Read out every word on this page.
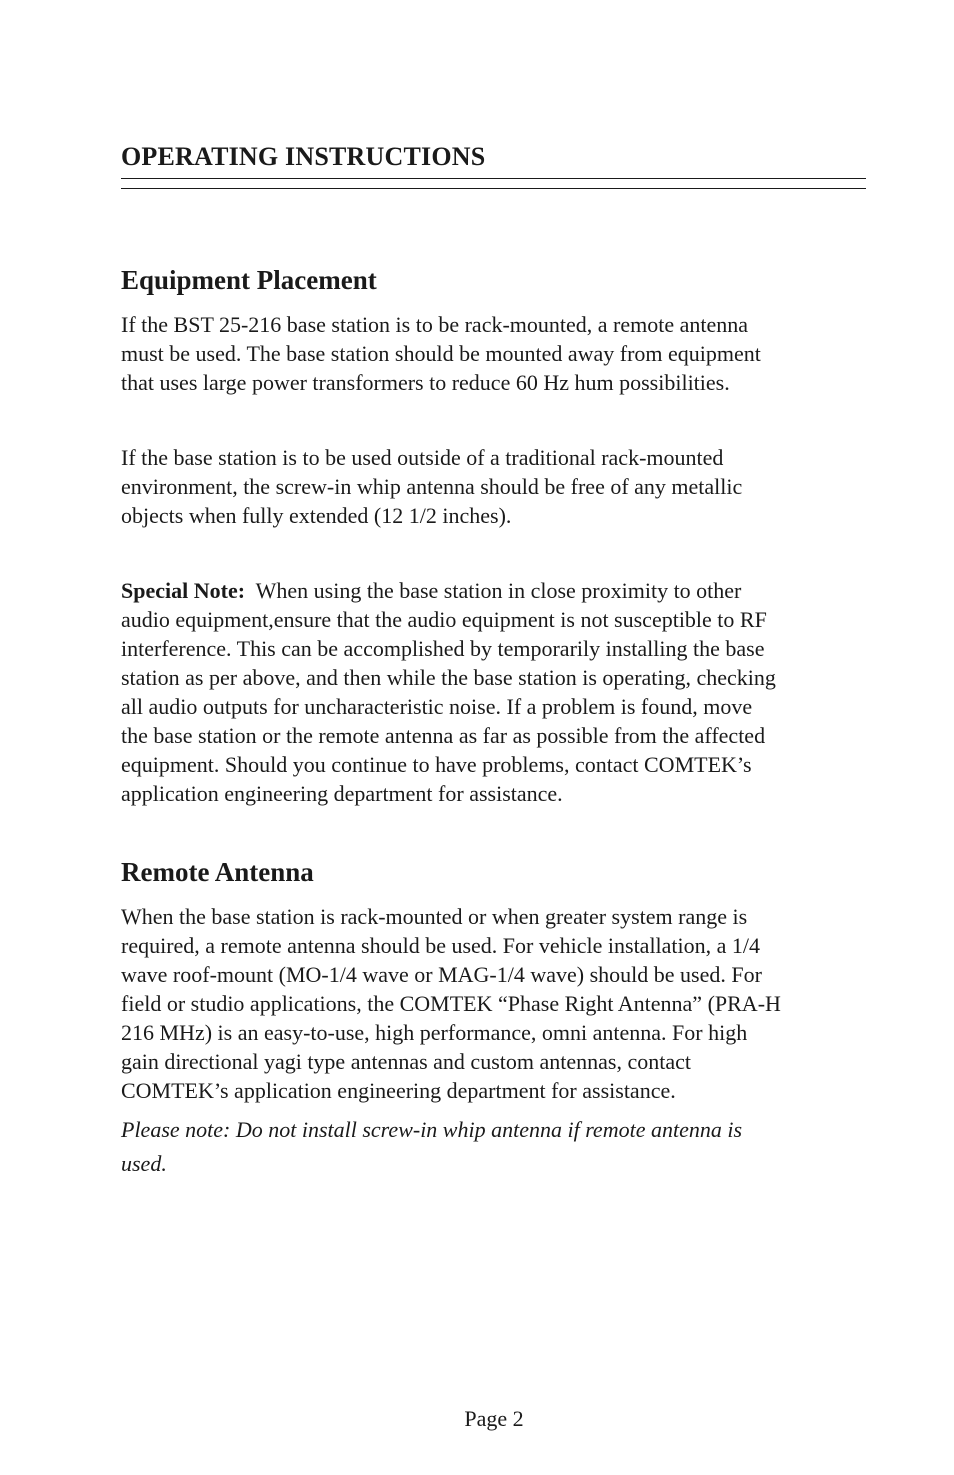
OPERATING INSTRUCTIONS
Equipment Placement

If the BST 25-216 base station is to be rack-mounted, a remote antenna must be used. The base station should be mounted away from equipment that uses large power transformers to reduce 60 Hz hum possibilities.

If the base station is to be used outside of a traditional rack-mounted environment, the screw-in whip antenna should be free of any metallic objects when fully extended (12 1/2 inches).

Special Note: When using the base station in close proximity to other audio equipment,ensure that the audio equipment is not susceptible to RF interference. This can be accomplished by temporarily installing the base station as per above, and then while the base station is operating, checking all audio outputs for uncharacteristic noise. If a problem is found, move the base station or the remote antenna as far as possible from the affected equipment. Should you continue to have problems, contact COMTEK’s application engineering department for assistance.

Remote Antenna

When the base station is rack-mounted or when greater system range is required, a remote antenna should be used. For vehicle installation, a 1/4 wave roof-mount (MO-1/4 wave or MAG-1/4 wave) should be used. For field or studio applications, the COMTEK “Phase Right Antenna” (PRA-H 216 MHz) is an easy-to-use, high performance, omni antenna. For high gain directional yagi type antennas and custom antennas, contact COMTEK’s application engineering department for assistance.

Please note: Do not install screw-in whip antenna if remote antenna is used.

Page 2
